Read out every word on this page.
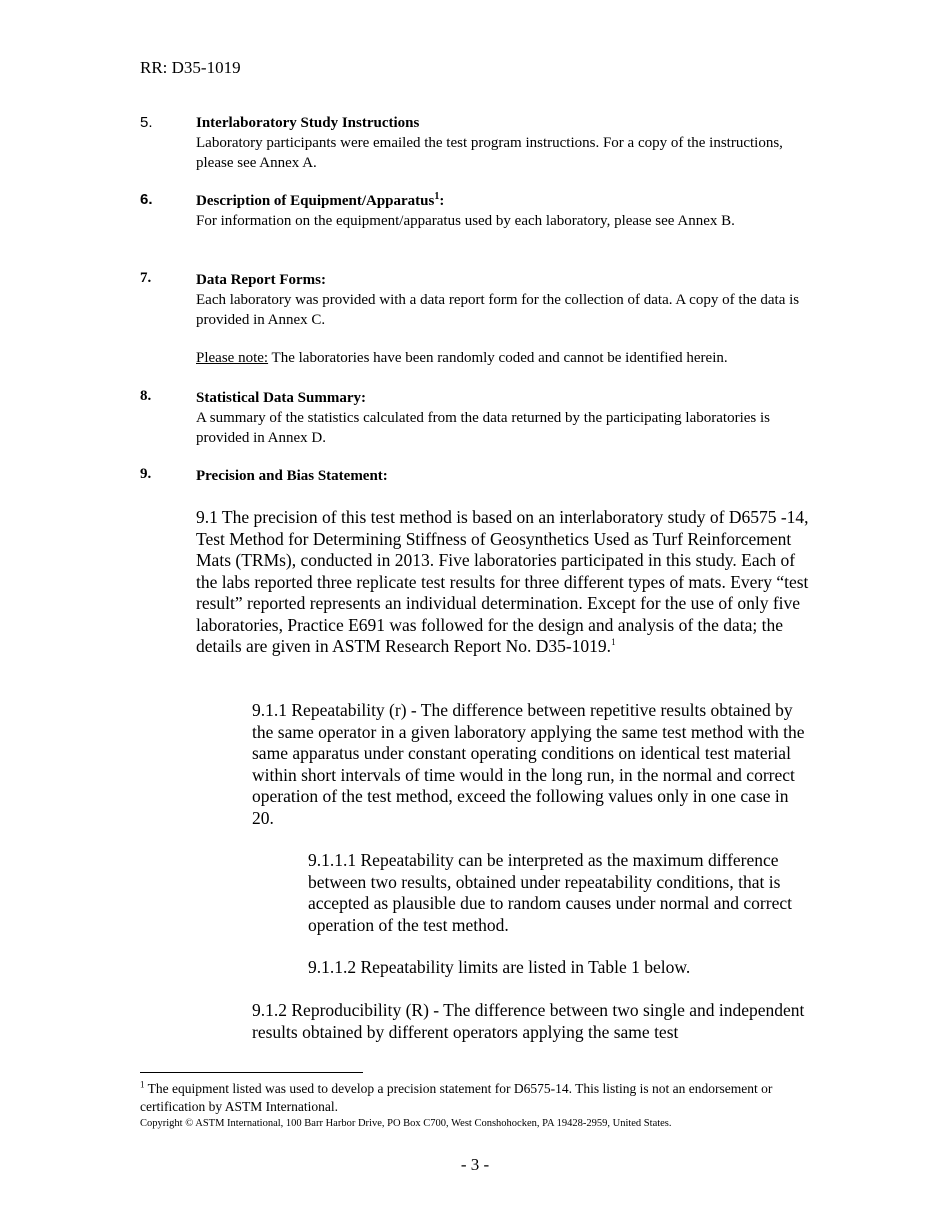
RR: D35-1019
5.	Interlaboratory Study Instructions
Laboratory participants were emailed the test program instructions. For a copy of the instructions, please see Annex A.
6.	Description of Equipment/Apparatus$^1$:
For information on the equipment/apparatus used by each laboratory, please see Annex B.
7.	Data Report Forms:
Each laboratory was provided with a data report form for the collection of data. A copy of the data is provided in Annex C.
Please note: The laboratories have been randomly coded and cannot be identified herein.
8.	Statistical Data Summary:
A summary of the statistics calculated from the data returned by the participating laboratories is provided in Annex D.
9.	Precision and Bias Statement:
9.1 The precision of this test method is based on an interlaboratory study of D6575 -14, Test Method for Determining Stiffness of Geosynthetics Used as Turf Reinforcement Mats (TRMs), conducted in 2013. Five laboratories participated in this study. Each of the labs reported three replicate test results for three different types of mats. Every “test result” reported represents an individual determination. Except for the use of only five laboratories, Practice E691 was followed for the design and analysis of the data; the details are given in ASTM Research Report No. D35-1019.$^1$
9.1.1 Repeatability (r) - The difference between repetitive results obtained by the same operator in a given laboratory applying the same test method with the same apparatus under constant operating conditions on identical test material within short intervals of time would in the long run, in the normal and correct operation of the test method, exceed the following values only in one case in 20.
9.1.1.1 Repeatability can be interpreted as the maximum difference between two results, obtained under repeatability conditions, that is accepted as plausible due to random causes under normal and correct operation of the test method.
9.1.1.2 Repeatability limits are listed in Table 1 below.
9.1.2 Reproducibility (R) - The difference between two single and independent results obtained by different operators applying the same test
$^1$ The equipment listed was used to develop a precision statement for D6575-14. This listing is not an endorsement or certification by ASTM International.
Copyright © ASTM International, 100 Barr Harbor Drive, PO Box C700, West Conshohocken, PA 19428-2959, United States.
- 3 -
